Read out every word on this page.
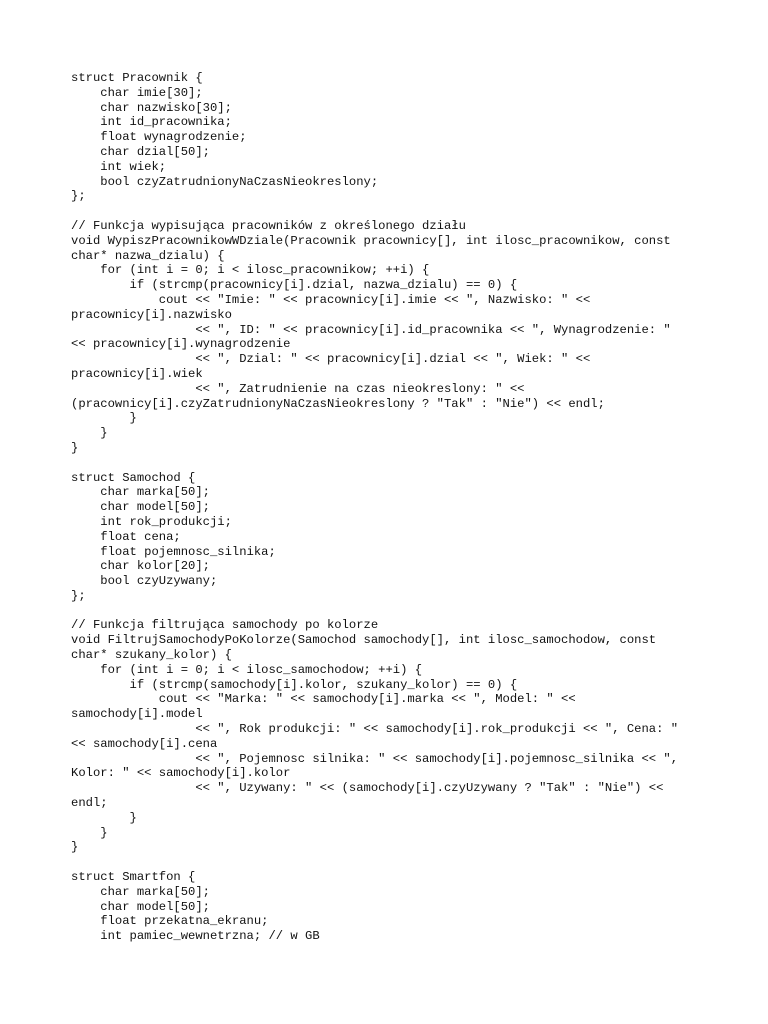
struct Pracownik {
char imie[30];
char nazwisko[30];
int id_pracownika;
float wynagrodzenie;
char dzial[50];
int wiek;
bool czyZatrudnionyNaCzasNieokreslony;
};
// Funkcja wypisująca pracowników z określonego działu
void WypiszPracownikowWDziale(Pracownik pracownicy[], int ilosc_pracownikow, const
char* nazwa_dzialu) {
for (int i = 0; i < ilosc_pracownikow; ++i) {
if (strcmp(pracownicy[i].dzial, nazwa_dzialu) == 0) {
cout << "Imie: " << pracownicy[i].imie << ", Nazwisko: " <<
pracownicy[i].nazwisko
<< ", ID: " << pracownicy[i].id_pracownika << ", Wynagrodzenie: "
<< pracownicy[i].wynagrodzenie
<< ", Dzial: " << pracownicy[i].dzial << ", Wiek: " <<
pracownicy[i].wiek
<< ", Zatrudnienie na czas nieokreslony: " <<
(pracownicy[i].czyZatrudnionyNaCzasNieokreslony ? "Tak" : "Nie") << endl;
}
}
}
struct Samochod {
char marka[50];
char model[50];
int rok_produkcji;
float cena;
float pojemnosc_silnika;
char kolor[20];
bool czyUzywany;
};
// Funkcja filtrująca samochody po kolorze
void FiltrujSamochodyPoKolorze(Samochod samochody[], int ilosc_samochodow, const
char* szukany_kolor) {
for (int i = 0; i < ilosc_samochodow; ++i) {
if (strcmp(samochody[i].kolor, szukany_kolor) == 0) {
cout << "Marka: " << samochody[i].marka << ", Model: " <<
samochody[i].model
<< ", Rok produkcji: " << samochody[i].rok_produkcji << ", Cena: "
<< samochody[i].cena
<< ", Pojemnosc silnika: " << samochody[i].pojemnosc_silnika << ",
Kolor: " << samochody[i].kolor
<< ", Uzywany: " << (samochody[i].czyUzywany ? "Tak" : "Nie") <<
endl;
}
}
}
struct Smartfon {
char marka[50];
char model[50];
float przekatna_ekranu;
int pamiec_wewnetrzna; // w GB
